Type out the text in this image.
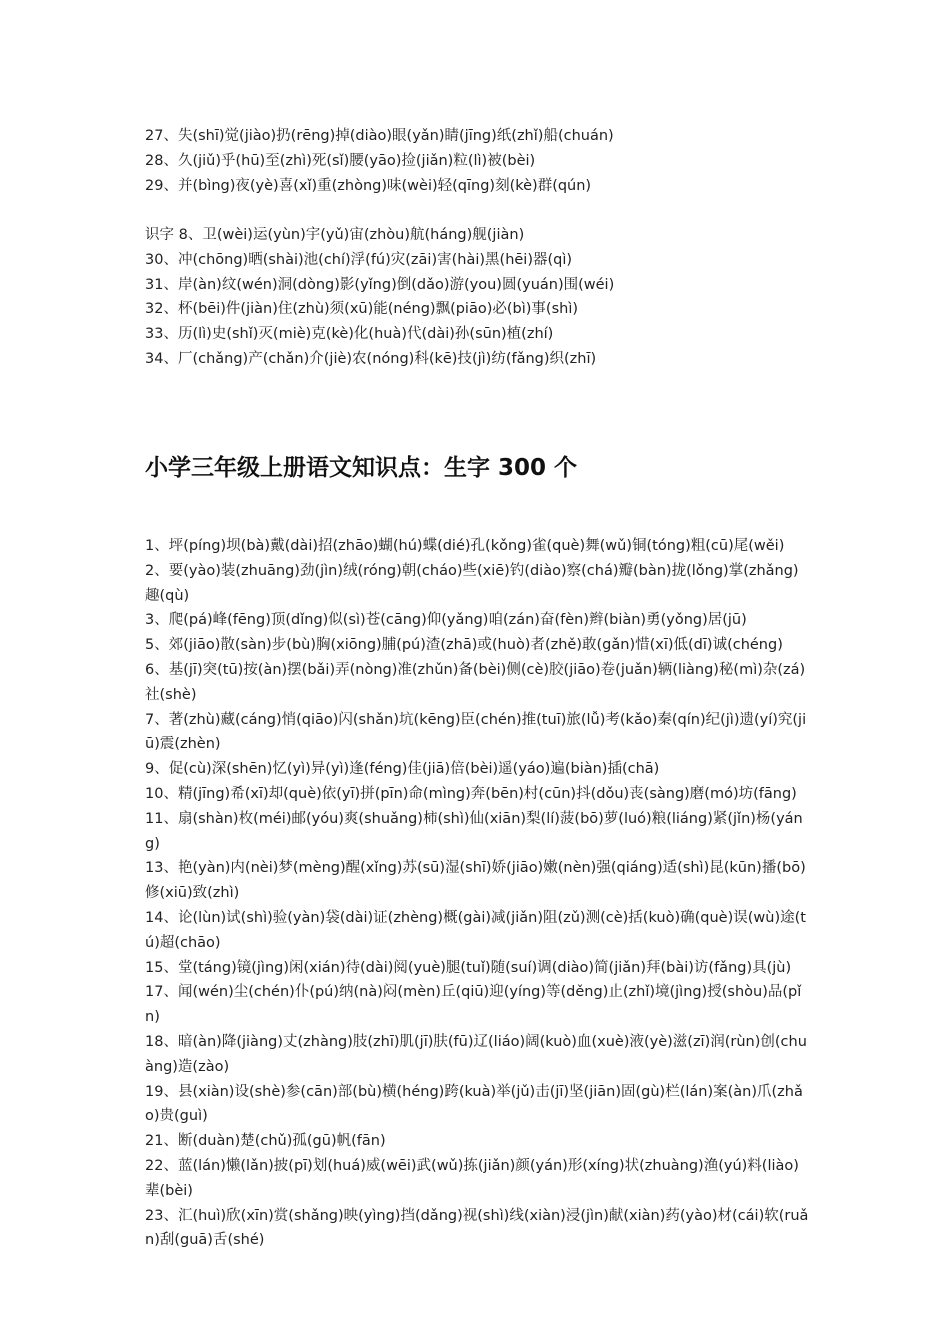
27、失(shī)觉(jiào)扔(rēng)掉(diào)眼(yǎn)睛(jīng)纸(zhǐ)船(chuán)

28、久(jiǔ)乎(hū)至(zhì)死(sǐ)腰(yāo)捡(jiǎn)粒(lì)被(bèi)

29、并(bìng)夜(yè)喜(xǐ)重(zhòng)味(wèi)轻(qīng)刻(kè)群(qún)

识字 8、卫(wèi)运(yùn)宇(yǔ)宙(zhòu)航(háng)舰(jiàn)

30、冲(chōng)晒(shài)池(chí)浮(fú)灾(zāi)害(hài)黑(hēi)器(qì)

31、岸(àn)纹(wén)洞(dòng)影(yǐng)倒(dǎo)游(you)圆(yuán)围(wéi)

32、杯(bēi)件(jiàn)住(zhù)须(xū)能(néng)飘(piāo)必(bì)事(shì)

33、历(lì)史(shǐ)灭(miè)克(kè)化(huà)代(dài)孙(sūn)植(zhí)

34、厂(chǎng)产(chǎn)介(jiè)农(nóng)科(kē)技(jì)纺(fǎng)织(zhī)

小学三年级上册语文知识点：生字 300 个

1、坪(píng)坝(bà)戴(dài)招(zhāo)蝴(hú)蝶(dié)孔(kǒng)雀(què)舞(wǔ)铜(tóng)粗(cū)尾(wěi)

2、要(yào)装(zhuāng)劲(jìn)绒(róng)朝(cháo)些(xiē)钓(diào)察(chá)瓣(bàn)拢(lǒng)掌(zhǎng)趣(qù)

3、爬(pá)峰(fēng)顶(dǐng)似(sì)苍(cāng)仰(yǎng)咱(zán)奋(fèn)辫(biàn)勇(yǒng)居(jū)

5、郊(jiāo)散(sàn)步(bù)胸(xiōng)脯(pú)渣(zhā)或(huò)者(zhě)敢(gǎn)惜(xī)低(dī)诚(chéng)

6、基(jī)突(tū)按(àn)摆(bǎi)弄(nòng)准(zhǔn)备(bèi)侧(cè)胶(jiāo)卷(juǎn)辆(liàng)秘(mì)杂(zá)社(shè)

7、著(zhù)藏(cáng)悄(qiāo)闪(shǎn)坑(kēng)臣(chén)推(tuī)旅(lǚ)考(kǎo)秦(qín)纪(jì)遗(yí)究(jiū)震(zhèn)

9、促(cù)深(shēn)忆(yì)异(yì)逢(féng)佳(jiā)倍(bèi)遥(yáo)遍(biàn)插(chā)

10、精(jīng)希(xī)却(què)依(yī)拼(pīn)命(mìng)奔(bēn)村(cūn)抖(dǒu)丧(sàng)磨(mó)坊(fāng)

11、扇(shàn)枚(méi)邮(yóu)爽(shuǎng)柿(shì)仙(xiān)梨(lí)菠(bō)萝(luó)粮(liáng)紧(jǐn)杨(yáng)

13、艳(yàn)内(nèi)梦(mèng)醒(xǐng)苏(sū)湿(shī)娇(jiāo)嫩(nèn)强(qiáng)适(shì)昆(kūn)播(bō)修(xiū)致(zhì)

14、论(lùn)试(shì)验(yàn)袋(dài)证(zhèng)概(gài)减(jiǎn)阻(zǔ)测(cè)括(kuò)确(què)误(wù)途(tú)超(chāo)

15、堂(táng)镜(jìng)闲(xián)待(dài)阅(yuè)腿(tuǐ)随(suí)调(diào)简(jiǎn)拜(bài)访(fǎng)具(jù)

17、闻(wén)尘(chén)仆(pú)纳(nà)闷(mèn)丘(qiū)迎(yíng)等(děng)止(zhǐ)境(jìng)授(shòu)品(pǐn)

18、暗(àn)降(jiàng)丈(zhàng)肢(zhī)肌(jī)肤(fū)辽(liáo)阔(kuò)血(xuè)液(yè)滋(zī)润(rùn)创(chuàng)造(zào)

19、县(xiàn)设(shè)参(cān)部(bù)横(héng)跨(kuà)举(jǔ)击(jī)坚(jiān)固(gù)栏(lán)案(àn)爪(zhǎo)贵(guì)

21、断(duàn)楚(chǔ)孤(gū)帆(fān)

22、蓝(lán)懒(lǎn)披(pī)划(huá)威(wēi)武(wǔ)拣(jiǎn)颜(yán)形(xíng)状(zhuàng)渔(yú)料(liào)辈(bèi)

23、汇(huì)欣(xīn)赏(shǎng)映(yìng)挡(dǎng)视(shì)线(xiàn)浸(jìn)献(xiàn)药(yào)材(cái)软(ruǎn)刮(guā)舌(shé)
